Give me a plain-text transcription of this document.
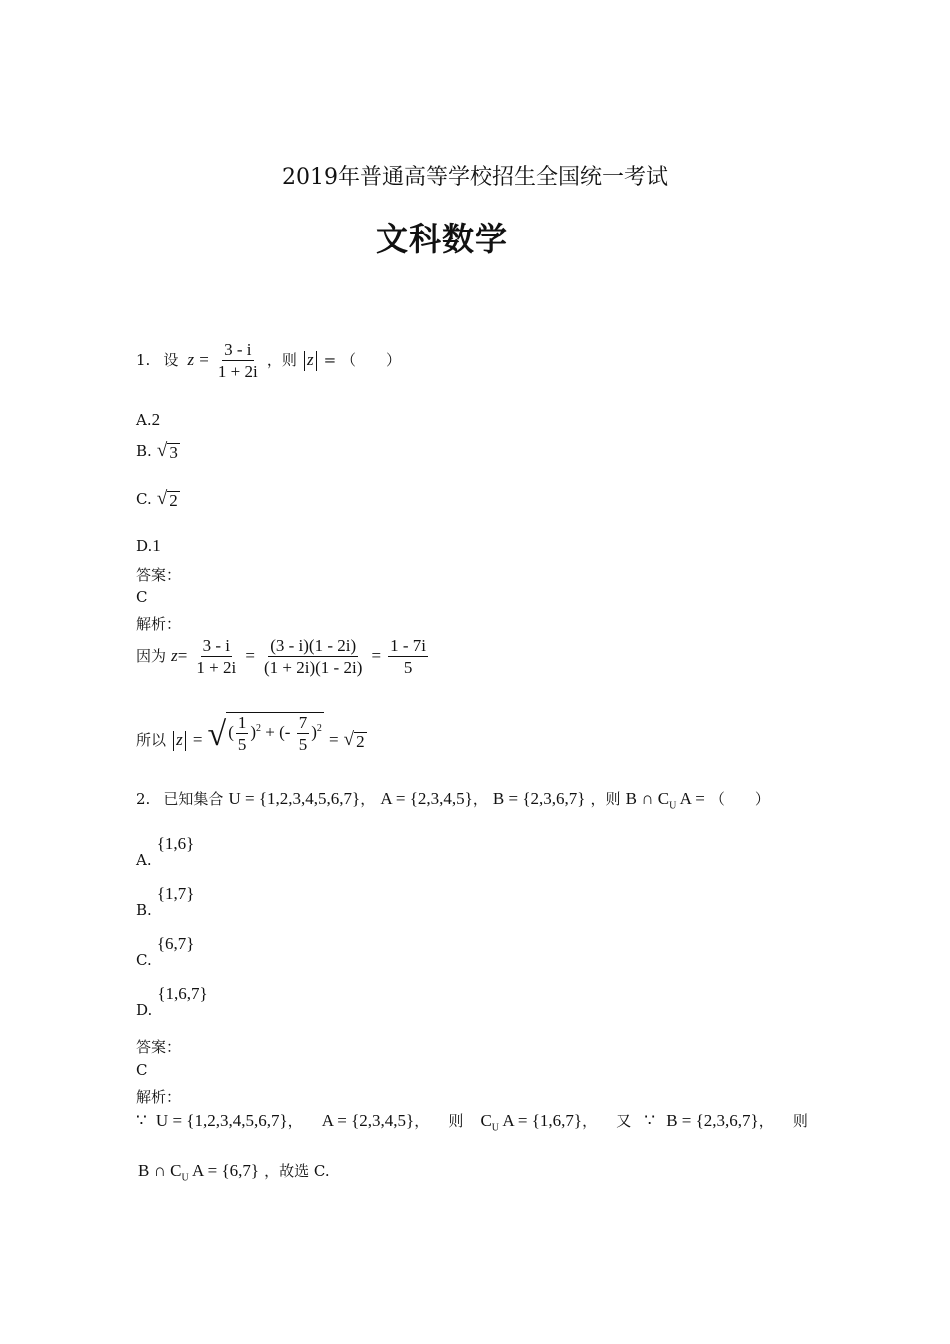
2019年普通高等学校招生全国统一考试
文科数学
1. 设 $z = \frac{3 - i}{1 + 2i}$ ，则 z = （　　）
A.2
B. √ 3
C. √ 2
D.1
答案：
C
解析：
因为 $z= \frac{3 - i}{1 + 2i} = \frac{(3 - i)(1 - 2i)}{(1 + 2i)(1 - 2i)} = \frac{1 - 7i}{5}$
所以 z = √ ( $\frac{1}{5} )^2$ + (- $\frac{7}{5} )^2$
= √ 2
2. 已知集合 U = {1,2,3,4,5,6,7}， A = {2,3,4,5}， B = {2,3,6,7} ，则 B ∩ $C_U$ A = （　　）
A. {1,6}
B. {1,7}
C. {6,7}
D. {1,6,7}
答案：
C
解析：
∵ U = {1,2,3,4,5,6,7}， A = {2,3,4,5}， 则 $C_U$ A = {1,6,7}， 又 ∵ B = {2,3,6,7}， 则
B ∩ $C_U$ A = {6,7} ，故选 C.
